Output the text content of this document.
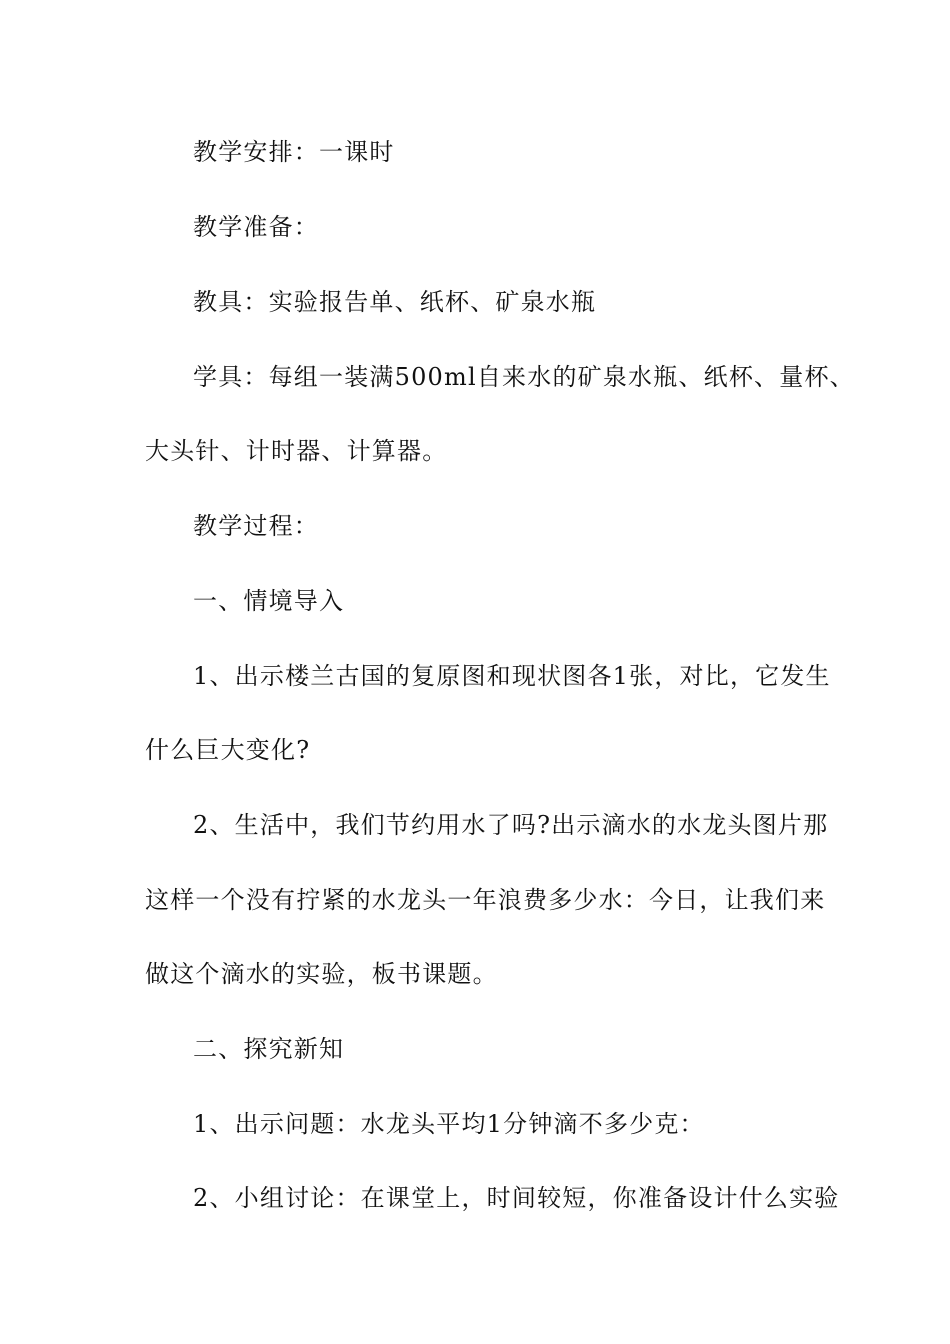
教学安排：一课时
教学准备：
教具：实验报告单、纸杯、矿泉水瓶
学具：每组一装满500ml自来水的矿泉水瓶、纸杯、量杯、
大头针、计时器、计算器。
教学过程：
一、情境导入
1、出示楼兰古国的复原图和现状图各1张，对比，它发生
什么巨大变化?
2、生活中，我们节约用水了吗?出示滴水的水龙头图片那
这样一个没有拧紧的水龙头一年浪费多少水：今日，让我们来
做这个滴水的实验，板书课题。
二、探究新知
1、出示问题：水龙头平均1分钟滴不多少克：
2、小组讨论：在课堂上，时间较短，你准备设计什么实验
